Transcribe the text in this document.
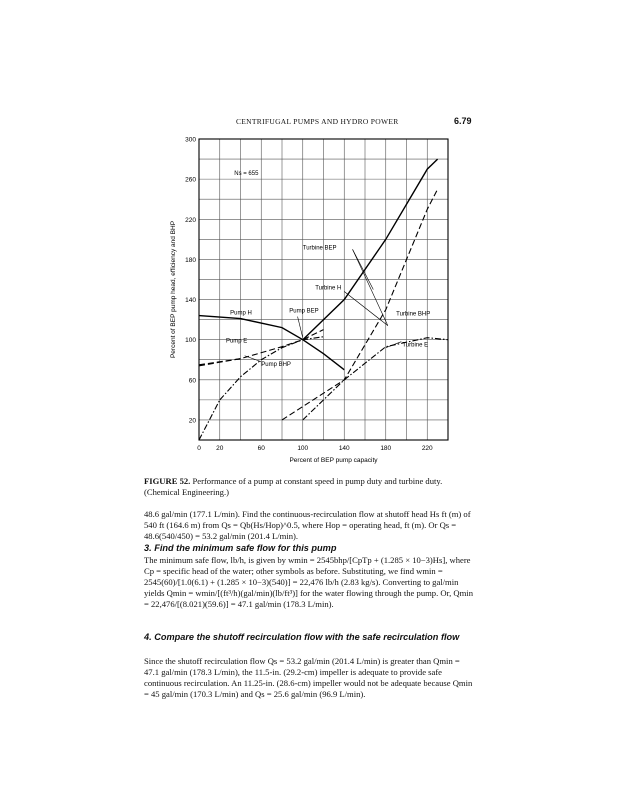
CENTRIFUGAL PUMPS AND HYDRO POWER	6.79
0 20	60	100	140	180	220
20
60
100
140
180
220
260
300
Percent of BEP pump capacity
Percent of BEP pump head, efficiency and BHP
Ns = 655
Turbine BEP
Turbine H
Pump BEP
Pump H	Turbine BHP
Pump E
Turbine E
Pump BHP
FIGURE 52. Performance of a pump at constant speed in pump duty and turbine duty. (Chemical Engineering.)

48.6 gal/min (177.1 L/min). Find the continuous-recirculation flow at shutoff head Hs ft (m) of 540 ft (164.6 m) from Qs = Qb(Hs/Hop)^0.5, where Hop = operating head, ft (m). Or Qs = 48.6(540/450) = 53.2 gal/min (201.4 L/min).

3. Find the minimum safe flow for this pump

The minimum safe flow, lb/h, is given by wmin = 2545bhp/[CpTp + (1.285 × 10−3)Hs], where Cp = specific head of the water; other symbols as before. Substituting, we find wmin = 2545(60)/[1.0(6.1) + (1.285 × 10−3)(540)] = 22,476 lb/h (2.83 kg/s). Converting to gal/min yields Qmin = wmin/[(ft³/h)(gal/min)(lb/ft³)] for the water flowing through the pump. Or, Qmin = 22,476/[(8.021)(59.6)] = 47.1 gal/min (178.3 L/min).

4. Compare the shutoff recirculation flow with the safe recirculation flow

Since the shutoff recirculation flow Qs = 53.2 gal/min (201.4 L/min) is greater than Qmin = 47.1 gal/min (178.3 L/min), the 11.5-in. (29.2-cm) impeller is adequate to provide safe continuous recirculation. An 11.25-in. (28.6-cm) impeller would not be adequate because Qmin = 45 gal/min (170.3 L/min) and Qs = 25.6 gal/min (96.9 L/min).
